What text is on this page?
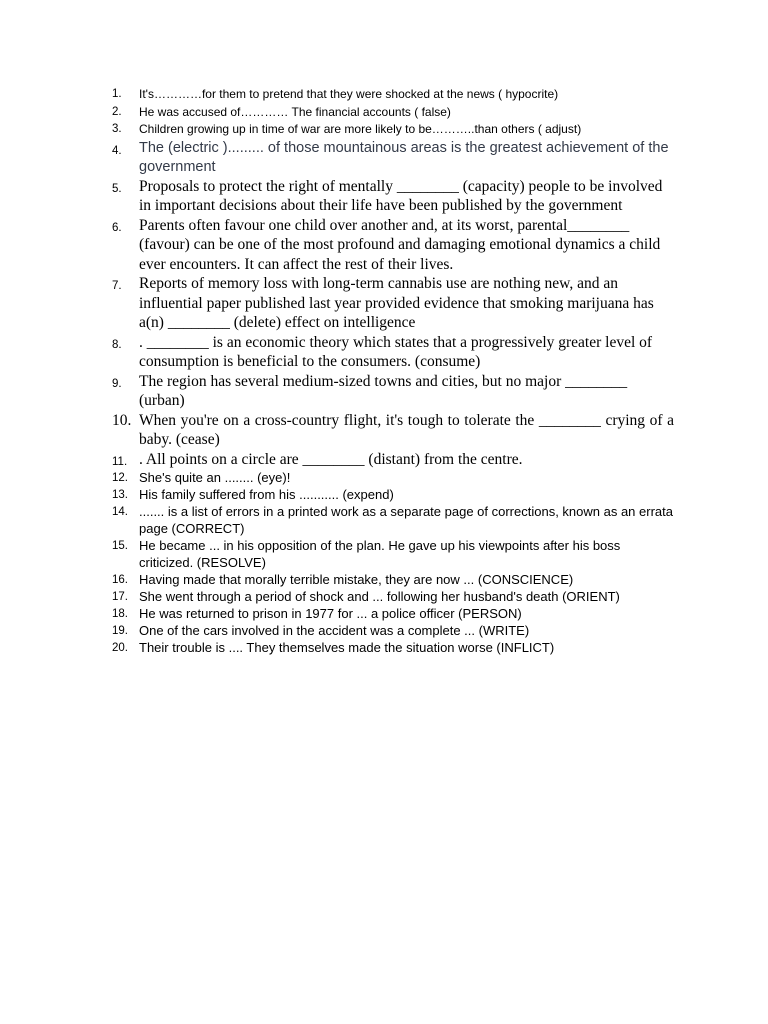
1. It's…………for them to pretend that they were shocked at the news ( hypocrite)
2. He was accused of………… The financial accounts ( false)
3. Children growing up in time of war are more likely to be………..than others ( adjust)
4. The (electric )......... of those mountainous areas is the greatest achievement of the government
5. Proposals to protect the right of mentally ________ (capacity) people to be involved in important decisions about their life have been published by the government
6. Parents often favour one child over another and, at its worst, parental________ (favour) can be one of the most profound and damaging emotional dynamics a child ever encounters. It can affect the rest of their lives.
7. Reports of memory loss with long-term cannabis use are nothing new, and an influential paper published last year provided evidence that smoking marijuana has a(n) ________ (delete) effect on intelligence
8. . ________ is an economic theory which states that a progressively greater level of consumption is beneficial to the consumers. (consume)
9. The region has several medium-sized towns and cities, but no major ________ (urban)
10. When you're on a cross-country flight, it's tough to tolerate the ________ crying of a baby. (cease)
11. . All points on a circle are ________ (distant) from the centre.
12. She's quite an ........ (eye)!
13. His family suffered from his ........... (expend)
14. ....... is a list of errors in a printed work as a separate page of corrections, known as an errata page (CORRECT)
15. He became ... in his opposition of the plan. He gave up his viewpoints after his boss criticized. (RESOLVE)
16. Having made that morally terrible mistake, they are now ... (CONSCIENCE)
17. She went through a period of shock and ... following her husband's death (ORIENT)
18. He was returned to prison in 1977 for ... a police officer (PERSON)
19. One of the cars involved in the accident was a complete ... (WRITE)
20. Their trouble is .... They themselves made the situation worse (INFLICT)
